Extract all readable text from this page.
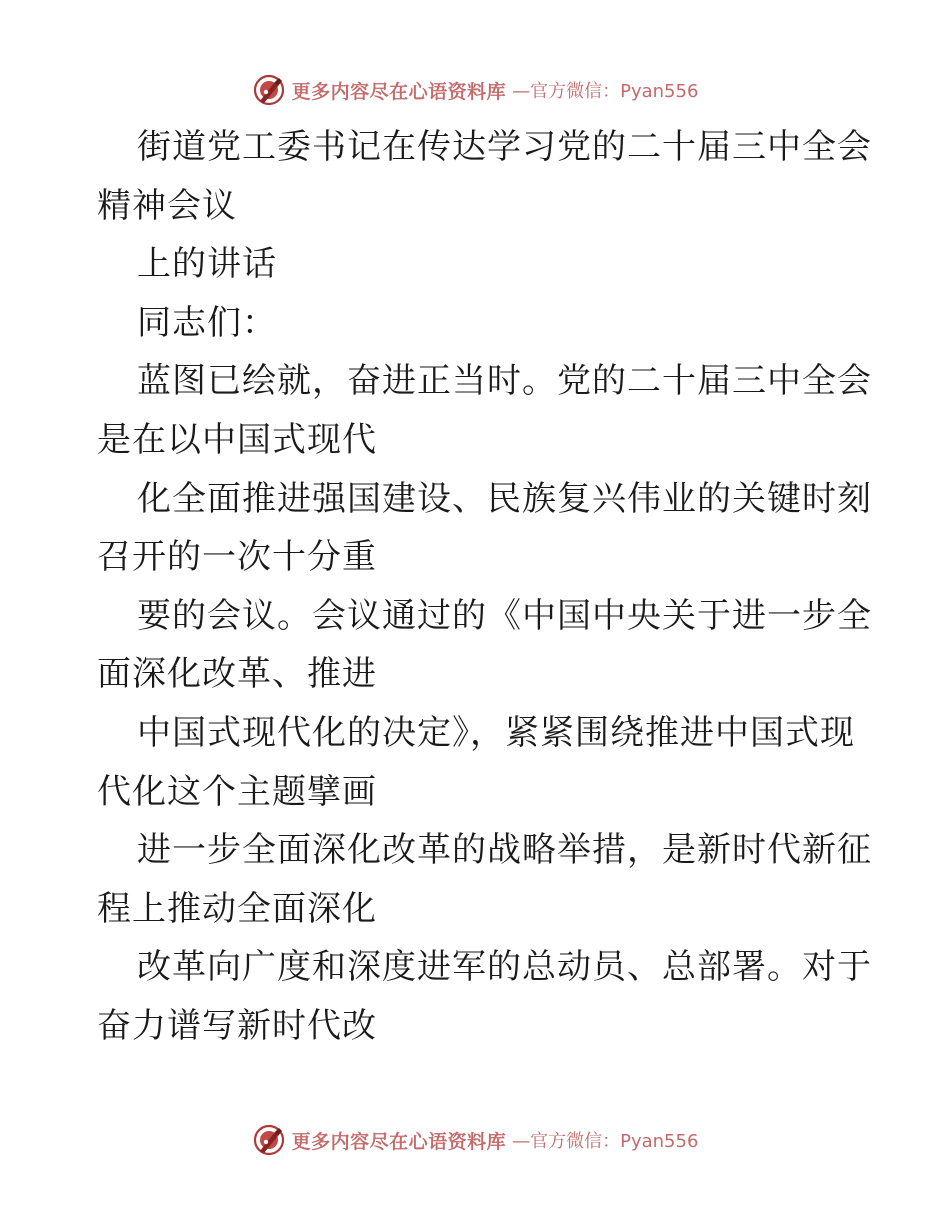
更多内容尽在心语资料库 —官方微信：Pyan556
街道党工委书记在传达学习党的二十届三中全会
精神会议
上的讲话
同志们：
蓝图已绘就，奋进正当时。党的二十届三中全会
是在以中国式现代
化全面推进强国建设、民族复兴伟业的关键时刻
召开的一次十分重
要的会议。会议通过的《中国中央关于进一步全
面深化改革、推进
中国式现代化的决定》，紧紧围绕推进中国式现
代化这个主题擘画
进一步全面深化改革的战略举措，是新时代新征
程上推动全面深化
改革向广度和深度进军的总动员、总部署。对于
奋力谱写新时代改
更多内容尽在心语资料库 —官方微信：Pyan556
